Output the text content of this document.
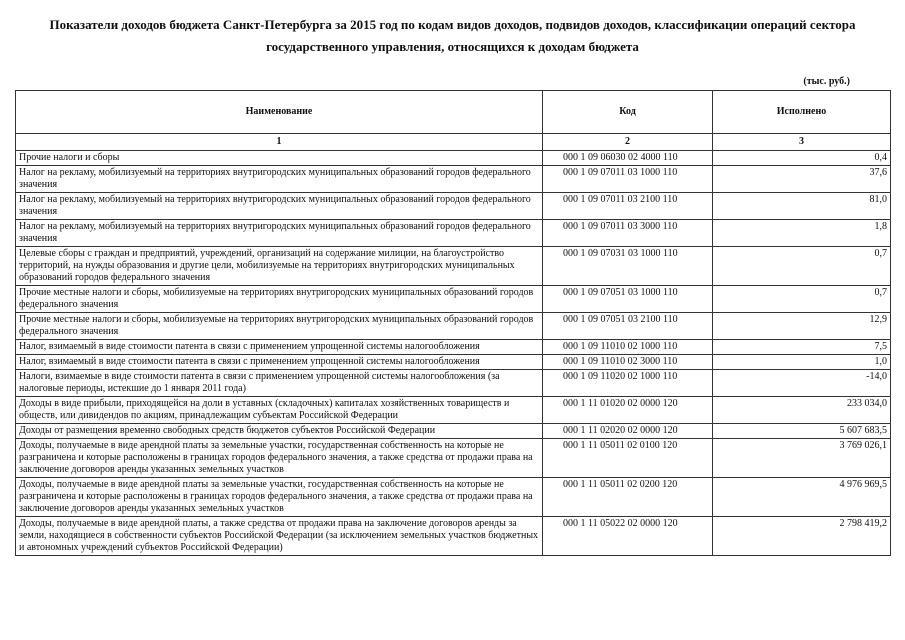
Показатели доходов бюджета Санкт-Петербурга за 2015 год по кодам видов доходов, подвидов доходов, классификации операций сектора государственного управления, относящихся к доходам бюджета
(тыс. руб.)
Наименование	Код	Исполнено
1	2	3
Прочие налоги и сборы	000 1 09 06030 02 4000 110	0,4
Налог на рекламу, мобилизуемый на территориях внутригородских муниципальных образований городов федерального значения	000 1 09 07011 03 1000 110	37,6
Налог на рекламу, мобилизуемый на территориях внутригородских муниципальных образований городов федерального значения	000 1 09 07011 03 2100 110	81,0
Налог на рекламу, мобилизуемый на территориях внутригородских муниципальных образований городов федерального значения	000 1 09 07011 03 3000 110	1,8
Целевые сборы с граждан и предприятий, учреждений, организаций на содержание милиции, на благоустройство территорий, на нужды образования и другие цели, мобилизуемые на территориях внутригородских муниципальных образований городов федерального значения	000 1 09 07031 03 1000 110	0,7
Прочие местные налоги и сборы, мобилизуемые на территориях внутригородских муниципальных образований городов федерального значения	000 1 09 07051 03 1000 110	0,7
Прочие местные налоги и сборы, мобилизуемые на территориях внутригородских муниципальных образований городов федерального значения	000 1 09 07051 03 2100 110	12,9
Налог, взимаемый в виде стоимости патента в связи с применением упрощенной системы налогообложения	000 1 09 11010 02 1000 110	7,5
Налог, взимаемый в виде стоимости патента в связи с применением упрощенной системы налогообложения	000 1 09 11010 02 3000 110	1,0
Налоги, взимаемые в виде стоимости патента в связи с применением упрощенной системы налогообложения (за налоговые периоды, истекшие до 1 января 2011 года)	000 1 09 11020 02 1000 110	-14,0
Доходы в виде прибыли, приходящейся на доли в уставных (складочных) капиталах хозяйственных товариществ и обществ, или дивидендов по акциям, принадлежащим субъектам Российской Федерации	000 1 11 01020 02 0000 120	233 034,0
Доходы от размещения временно свободных средств бюджетов субъектов Российской Федерации	000 1 11 02020 02 0000 120	5 607 683,5
Доходы, получаемые в виде арендной платы за земельные участки, государственная собственность на которые не разграничена и которые расположены в границах городов федерального значения, а также средства от продажи права на заключение договоров аренды указанных земельных участков	000 1 11 05011 02 0100 120	3 769 026,1
Доходы, получаемые в виде арендной платы за земельные участки, государственная собственность на которые не разграничена и которые расположены в границах городов федерального значения, а также средства от продажи права на заключение договоров аренды указанных земельных участков	000 1 11 05011 02 0200 120	4 976 969,5
Доходы, получаемые в виде арендной платы, а также средства от продажи права на заключение договоров аренды за земли, находящиеся в собственности субъектов Российской Федерации (за исключением земельных участков бюджетных и автономных учреждений субъектов Российской Федерации)	000 1 11 05022 02 0000 120	2 798 419,2
